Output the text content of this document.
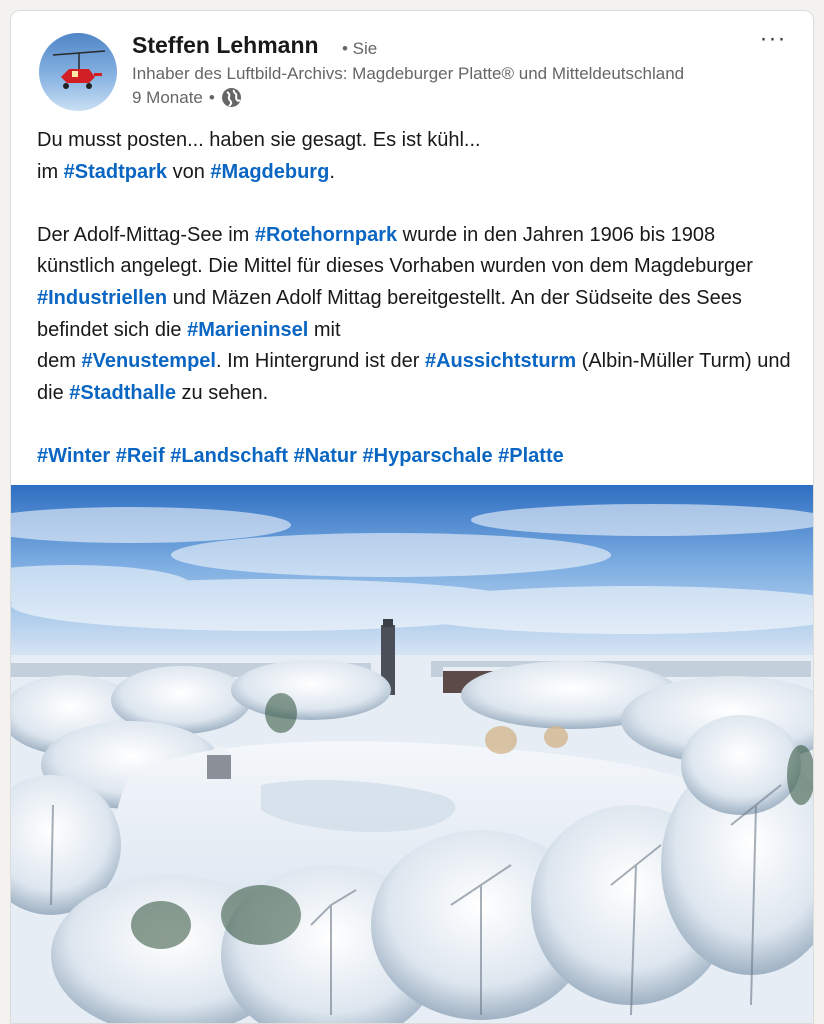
Steffen Lehmann • Sie
Inhaber des Luftbild-Archivs: Magdeburger Platte® und Mitteldeutschland
9 Monate •
···

Du musst posten... haben sie gesagt. Es ist kühl...

im #Stadtpark von #Magdeburg.

Der Adolf-Mittag-See im #Rotehornpark wurde in den Jahren 1906 bis 1908 künstlich angelegt. Die Mittel für dieses Vorhaben wurden von dem Magdeburger #Industriellen und Mäzen Adolf Mittag bereitgestellt. An der Südseite des Sees befindet sich die #Marieninsel mit
dem #Venustempel. Im Hintergrund ist der #Aussichtsturm (Albin-Müller Turm) und die #Stadthalle zu sehen.

#Winter #Reif #Landschaft #Natur #Hyparschale #Platte
